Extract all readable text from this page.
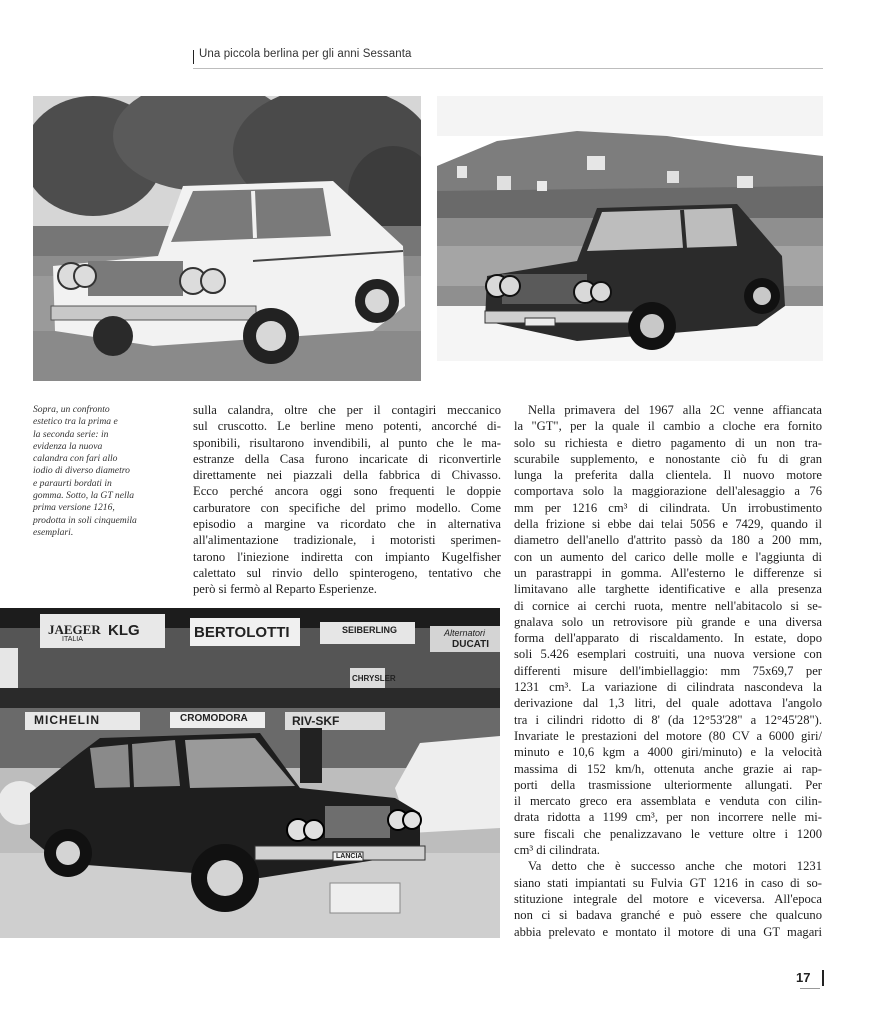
Una piccola berlina per gli anni Sessanta
Sopra, un confronto
estetico tra la prima e
la seconda serie: in
evidenza la nuova
calandra con fari allo
iodio di diverso diametro
e paraurti bordati in
gomma. Sotto, la GT nella
prima versione 1216,
prodotta in soli cinquemila
esemplari.
sulla calandra, oltre che per il contagiri meccanico
sul cruscotto. Le berline meno potenti, ancorché di-
sponibili, risultarono invendibili, al punto che le ma-
estranze della Casa furono incaricate di riconvertirle
direttamente nei piazzali della fabbrica di Chivasso.
Ecco perché ancora oggi sono frequenti le doppie
carburatore con specifiche del primo modello. Come
episodio a margine va ricordato che in alternativa
all'alimentazione tradizionale, i motoristi sperimen-
tarono l'iniezione indiretta con impianto Kugelfisher
calettato sul rinvio dello spinterogeno, tentativo che
però si fermò al Reparto Esperienze.
Nella primavera del 1967 alla 2C venne affiancata
la "GT", per la quale il cambio a cloche era fornito
solo su richiesta e dietro pagamento di un non tra-
scurabile supplemento, e nonostante ciò fu di gran
lunga la preferita dalla clientela. Il nuovo motore
comportava solo la maggiorazione dell'alesaggio a 76
mm per 1216 cm³ di cilindrata. Un irrobustimento
della frizione si ebbe dai telai 5056 e 7429, quando il
diametro dell'anello d'attrito passò da 180 a 200 mm,
con un aumento del carico delle molle e l'aggiunta di
un parastrappi in gomma. All'esterno le differenze si
limitavano alle targhette identificative e alla presenza
di cornice ai cerchi ruota, mentre nell'abitacolo si se-
gnalava solo un retrovisore più grande e una diversa
forma dell'apparato di riscaldamento. In estate, dopo
soli 5.426 esemplari costruiti, una nuova versione con
differenti misure dell'imbiellaggio: mm 75x69,7 per
1231 cm³. La variazione di cilindrata nascondeva la
derivazione dal 1,3 litri, del quale adottava l'angolo
tra i cilindri ridotto di 8' (da 12°53'28" a 12°45'28").
Invariate le prestazioni del motore (80 CV a 6000 giri/
minuto e 10,6 kgm a 4000 giri/minuto) e la velocità
massima di 152 km/h, ottenuta anche grazie ai rap-
porti della trasmissione ulteriormente allungati. Per
il mercato greco era assemblata e venduta con cilin-
drata ridotta a 1199 cm³, per non incorrere nelle mi-
sure fiscali che penalizzavano le vetture oltre i 1200
cm³ di cilindrata.
Va detto che è successo anche che motori 1231
siano stati impiantati su Fulvia GT 1216 in caso di so-
stituzione integrale del motore e viceversa. All'epoca
non ci si badava granché e può essere che qualcuno
abbia prelevato e montato il motore di una GT magari
JAEGER
ITALIA
KLG	BERTOLOTTI	SEIBERLING	Alternatori
DUCATI
CHRYSLER
MICHELIN	CROMODORA	RIV-SKF
LANCIA
17
